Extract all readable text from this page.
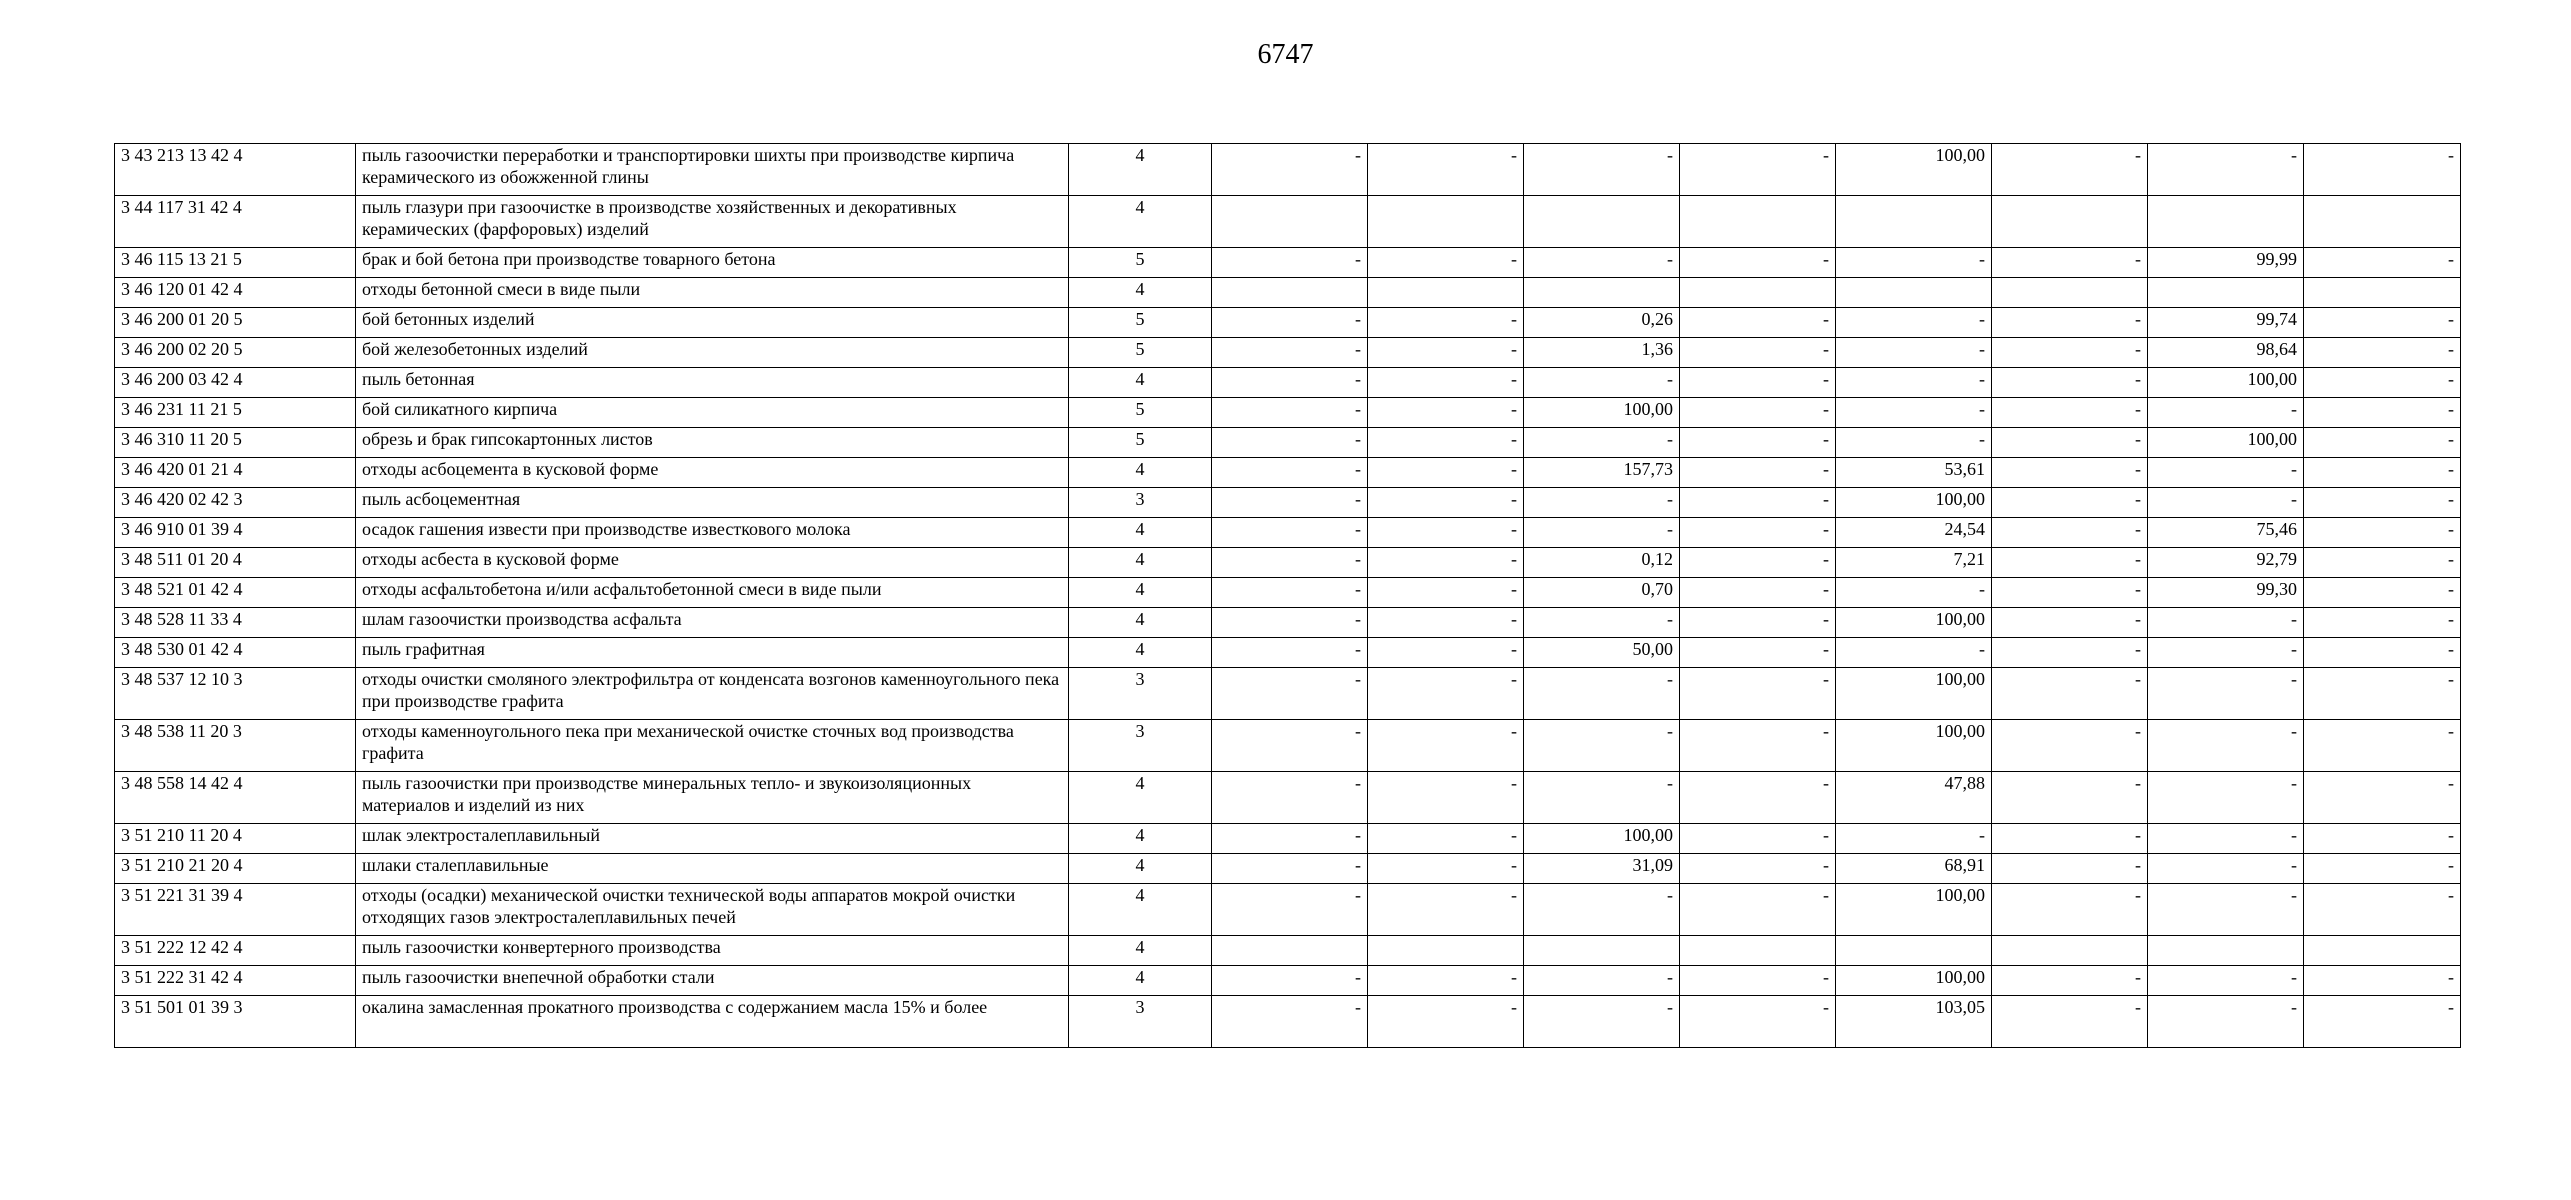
6747
3 43 213 13 42 4	пыль газоочистки переработки и транспортировки шихты при производстве кирпича керамического из обожженной глины	4	-	-	-	-	100,00	-	-	-
3 44 117 31 42 4	пыль глазури при газоочистке в производстве хозяйственных и декоративных керамических (фарфоровых) изделий	4								
3 46 115 13 21 5	брак и бой бетона при производстве товарного бетона	5	-	-	-	-	-	-	99,99	-
3 46 120 01 42 4	отходы бетонной смеси в виде пыли	4								
3 46 200 01 20 5	бой бетонных изделий	5	-	-	0,26	-	-	-	99,74	-
3 46 200 02 20 5	бой железобетонных изделий	5	-	-	1,36	-	-	-	98,64	-
3 46 200 03 42 4	пыль бетонная	4	-	-	-	-	-	-	100,00	-
3 46 231 11 21 5	бой силикатного кирпича	5	-	-	100,00	-	-	-	-	-
3 46 310 11 20 5	обрезь и брак гипсокартонных листов	5	-	-	-	-	-	-	100,00	-
3 46 420 01 21 4	отходы асбоцемента в кусковой форме	4	-	-	157,73	-	53,61	-	-	-
3 46 420 02 42 3	пыль асбоцементная	3	-	-	-	-	100,00	-	-	-
3 46 910 01 39 4	осадок гашения извести при производстве известкового молока	4	-	-	-	-	24,54	-	75,46	-
3 48 511 01 20 4	отходы асбеста в кусковой форме	4	-	-	0,12	-	7,21	-	92,79	-
3 48 521 01 42 4	отходы асфальтобетона и/или асфальтобетонной смеси в виде пыли	4	-	-	0,70	-	-	-	99,30	-
3 48 528 11 33 4	шлам газоочистки производства асфальта	4	-	-	-	-	100,00	-	-	-
3 48 530 01 42 4	пыль графитная	4	-	-	50,00	-	-	-	-	-
3 48 537 12 10 3	отходы очистки смоляного электрофильтра от конденсата возгонов каменноугольного пека при производстве графита	3	-	-	-	-	100,00	-	-	-
3 48 538 11 20 3	отходы каменноугольного пека при механической очистке сточных вод производства графита	3	-	-	-	-	100,00	-	-	-
3 48 558 14 42 4	пыль газоочистки при производстве минеральных тепло- и звукоизоляционных материалов и изделий из них	4	-	-	-	-	47,88	-	-	-
3 51 210 11 20 4	шлак электросталеплавильный	4	-	-	100,00	-	-	-	-	-
3 51 210 21 20 4	шлаки сталеплавильные	4	-	-	31,09	-	68,91	-	-	-
3 51 221 31 39 4	отходы (осадки) механической очистки технической воды аппаратов мокрой очистки отходящих газов электросталеплавильных печей	4	-	-	-	-	100,00	-	-	-
3 51 222 12 42 4	пыль газоочистки конвертерного производства	4								
3 51 222 31 42 4	пыль газоочистки внепечной обработки стали	4	-	-	-	-	100,00	-	-	-
3 51 501 01 39 3	окалина замасленная прокатного производства с содержанием масла 15% и более	3	-	-	-	-	103,05	-	-	-
